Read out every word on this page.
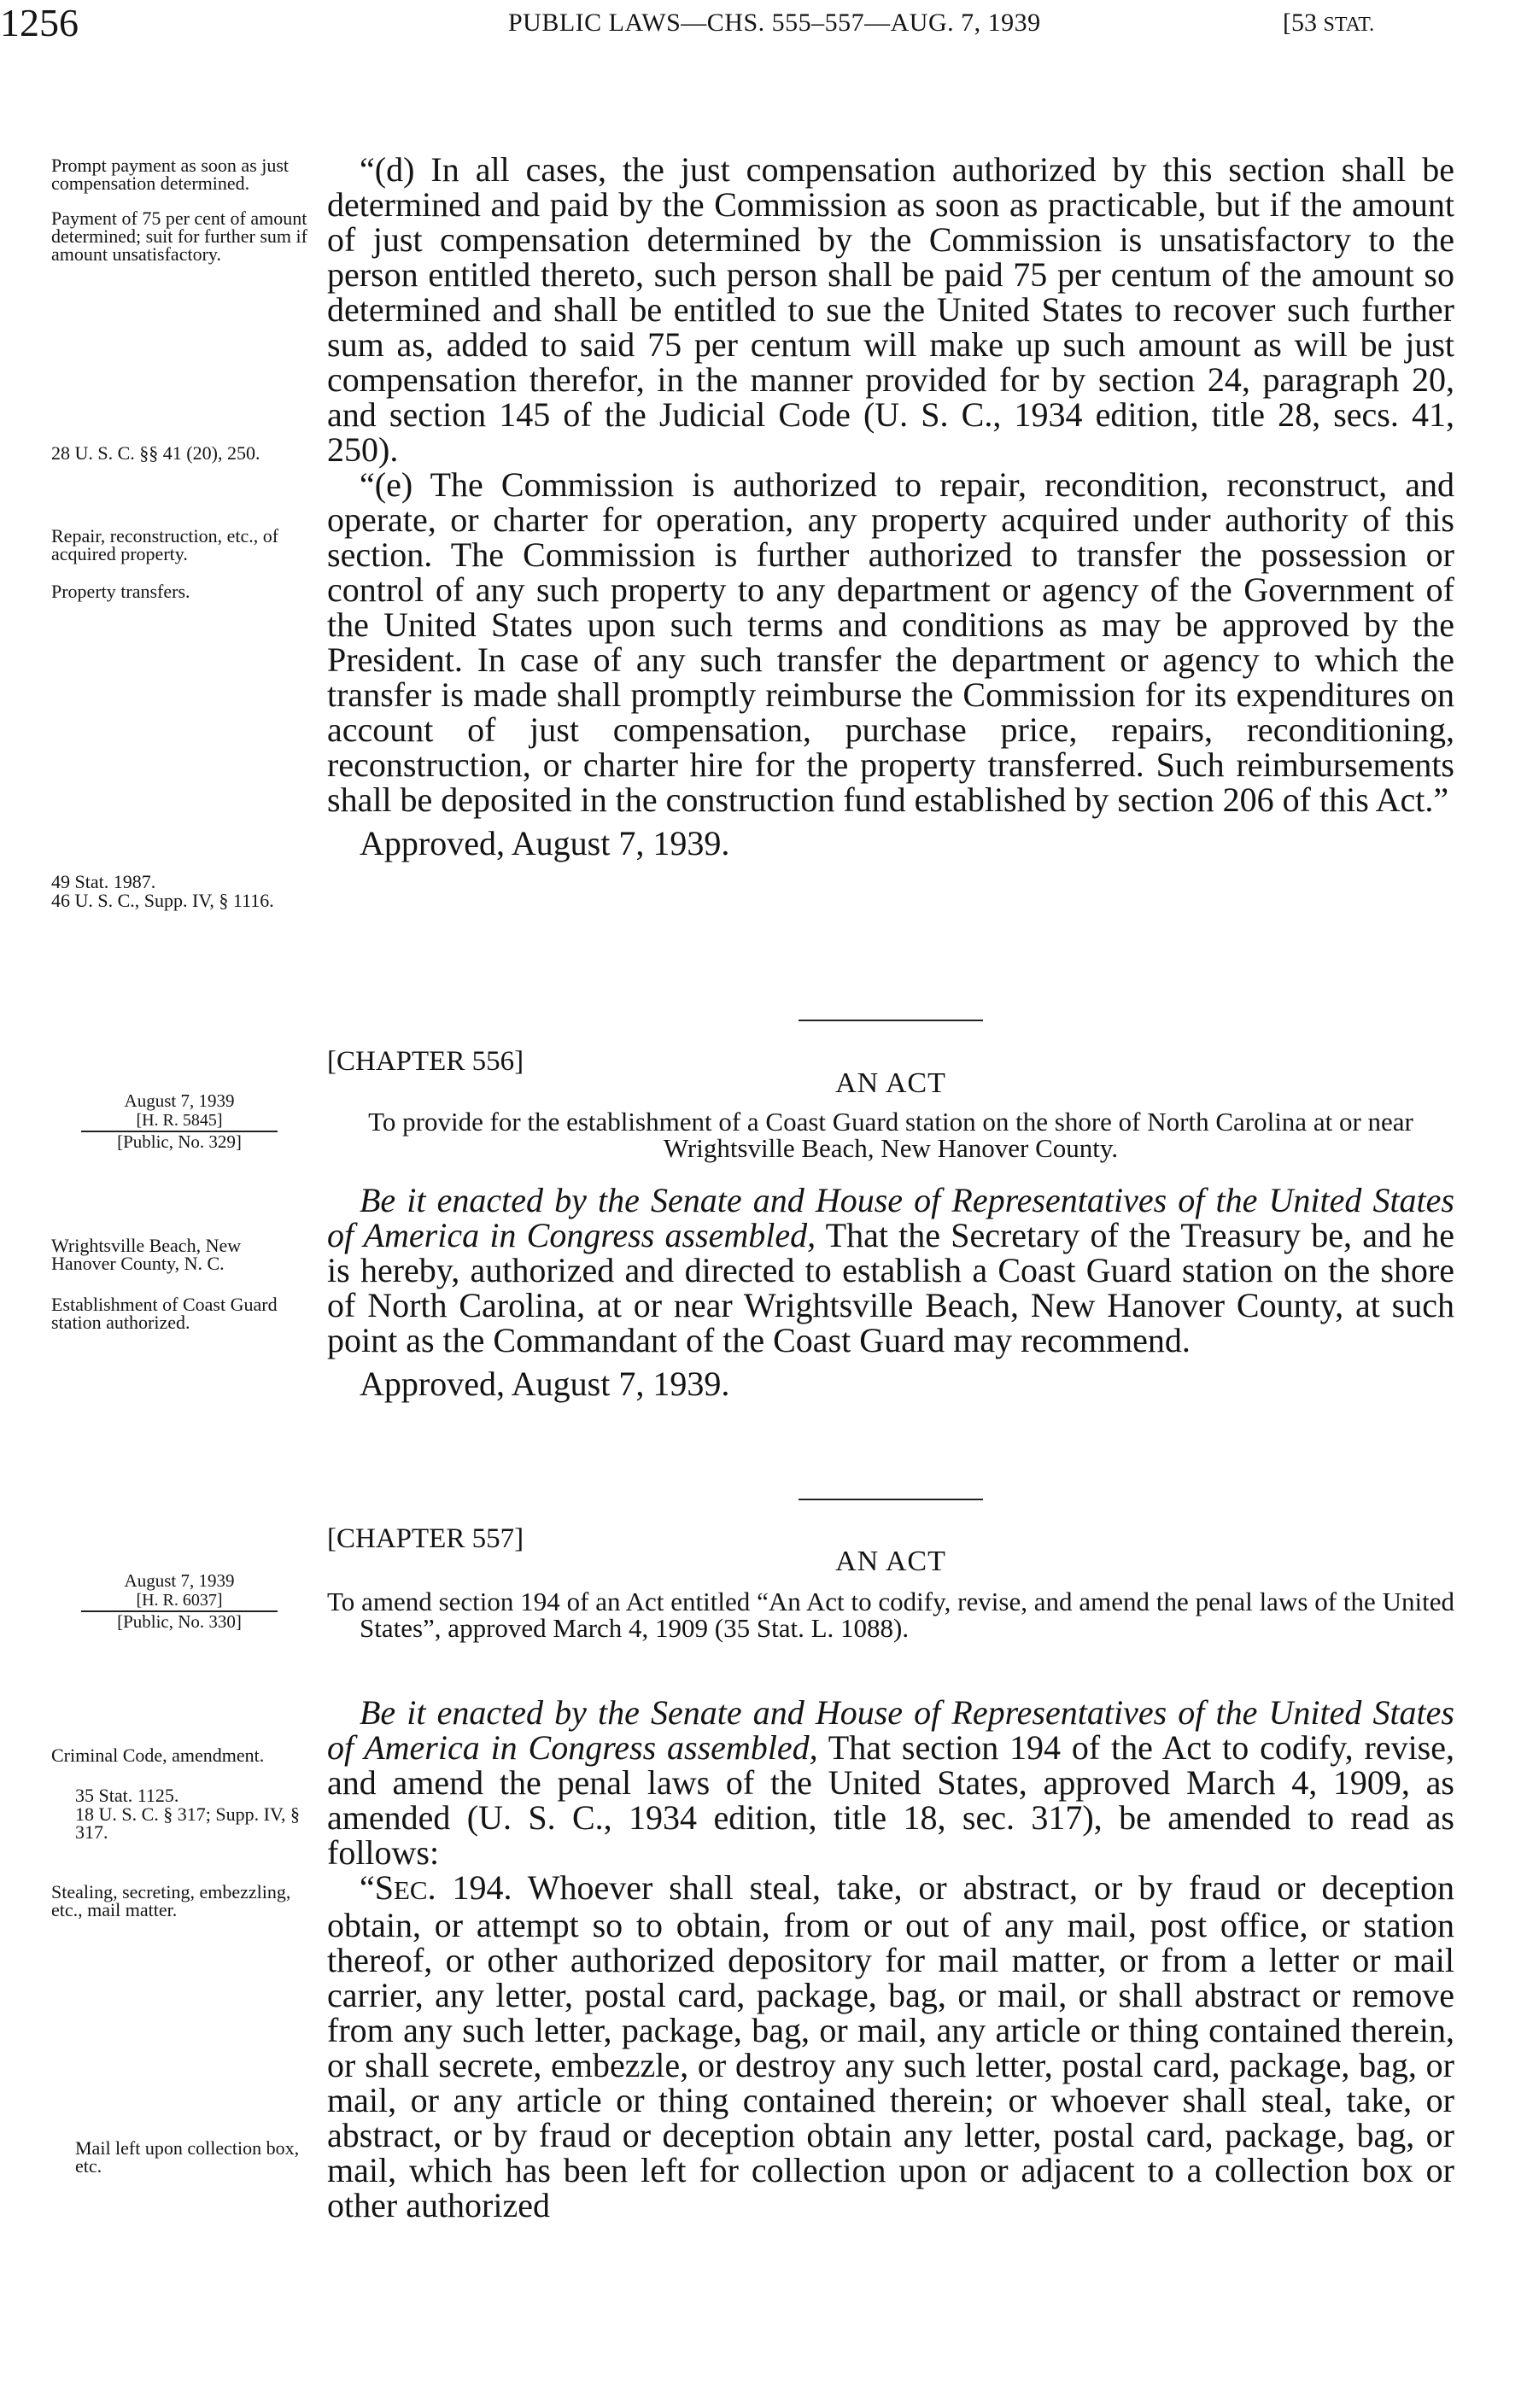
1256	PUBLIC LAWS—CHS. 555–557—AUG. 7, 1939	[53 STAT.

“(d) In all cases, the just compensation authorized by this section shall be determined and paid by the Commission as soon as practicable, but if the amount of just compensation determined by the Commission is unsatisfactory to the person entitled thereto, such person shall be paid 75 per centum of the amount so determined and shall be entitled to sue the United States to recover such further sum as, added to said 75 per centum will make up such amount as will be just compensation therefor, in the manner provided for by section 24, paragraph 20, and section 145 of the Judicial Code (U. S. C., 1934 edition, title 28, secs. 41, 250).

“(e) The Commission is authorized to repair, recondition, reconstruct, and operate, or charter for operation, any property acquired under authority of this section. The Commission is further authorized to transfer the possession or control of any such property to any department or agency of the Government of the United States upon such terms and conditions as may be approved by the President. In case of any such transfer the department or agency to which the transfer is made shall promptly reimburse the Commission for its expenditures on account of just compensation, purchase price, repairs, reconditioning, reconstruction, or charter hire for the property transferred. Such reimbursements shall be deposited in the construction fund established by section 206 of this Act.”

Approved, August 7, 1939.
Prompt payment as soon as just compensation determined.
Payment of 75 per cent of amount determined; suit for further sum if amount unsatisfactory.
28 U. S. C. §§ 41 (20), 250.
Repair, reconstruction, etc., of acquired property.
Property transfers.
49 Stat. 1987.
46 U. S. C., Supp. IV, § 1116.
[CHAPTER 556]
AN ACT

To provide for the establishment of a Coast Guard station on the shore of North Carolina at or near Wrightsville Beach, New Hanover County.

August 7, 1939
[H. R. 5845]
[Public, No. 329]

Be it enacted by the Senate and House of Representatives of the United States of America in Congress assembled, That the Secretary of the Treasury be, and he is hereby, authorized and directed to establish a Coast Guard station on the shore of North Carolina, at or near Wrightsville Beach, New Hanover County, at such point as the Commandant of the Coast Guard may recommend.

Approved, August 7, 1939.
Wrightsville Beach, New Hanover County, N. C.
Establishment of Coast Guard station authorized.
[CHAPTER 557]
AN ACT

To amend section 194 of an Act entitled “An Act to codify, revise, and amend the penal laws of the United States”, approved March 4, 1909 (35 Stat. L. 1088).

August 7, 1939
[H. R. 6037]
[Public, No. 330]

Be it enacted by the Senate and House of Representatives of the United States of America in Congress assembled, That section 194 of the Act to codify, revise, and amend the penal laws of the United States, approved March 4, 1909, as amended (U. S. C., 1934 edition, title 18, sec. 317), be amended to read as follows:

“SEC. 194. Whoever shall steal, take, or abstract, or by fraud or deception obtain, or attempt so to obtain, from or out of any mail, post office, or station thereof, or other authorized depository for mail matter, or from a letter or mail carrier, any letter, postal card, package, bag, or mail, or shall abstract or remove from any such letter, package, bag, or mail, any article or thing contained therein, or shall secrete, embezzle, or destroy any such letter, postal card, package, bag, or mail, or any article or thing contained therein; or whoever shall steal, take, or abstract, or by fraud or deception obtain any letter, postal card, package, bag, or mail, which has been left for collection upon or adjacent to a collection box or other authorized

Criminal Code, amendment.
35 Stat. 1125.
18 U. S. C. § 317; Supp. IV, § 317.
Stealing, secreting, embezzling, etc., mail matter.
Mail left upon collection box, etc.
